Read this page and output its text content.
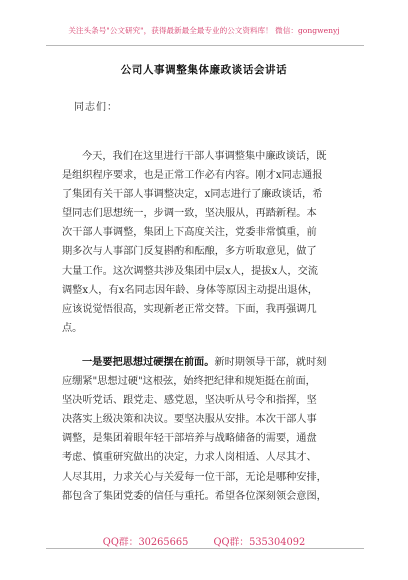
关注头条号"公文研究"，获得最新最全最专业的公文资料库！ 微信：gongwenyj
公司人事调整集体廉政谈话会讲话
同志们：
今天，我们在这里进行干部人事调整集中廉政谈话，既
是组织程序要求，也是正常工作必有内容。刚才x同志通报
了集团有关干部人事调整决定，x同志进行了廉政谈话，希
望同志们思想统一，步调一致，坚决服从，再踏新程。本
次干部人事调整，集团上下高度关注，党委非常慎重，前
期多次与人事部门反复斟酌和酝酿，多方听取意见，做了
大量工作。这次调整共涉及集团中层x人，提拔x人，交流
调整x人，有x名同志因年龄、身体等原因主动提出退休，
应该说觉悟很高，实现新老正常交替。下面，我再强调几
点。
一是要把思想过硬摆在前面。新时期领导干部，就时刻
应绷紧"思想过硬"这根弦，始终把纪律和规矩挺在前面，
坚决听党话、跟党走、感党恩，坚决听从号令和指挥，坚
决落实上级决策和决议。要坚决服从安排。本次干部人事
调整，是集团着眼年轻干部培养与战略储备的需要，通盘
考虑、慎重研究做出的决定，力求人岗相适、人尽其才、
人尽其用，力求关心与关爱每一位干部，无论是哪种安排，
都包含了集团党委的信任与重托。希望各位深刻领会意图，
QQ群：30265665	QQ群：535304092
